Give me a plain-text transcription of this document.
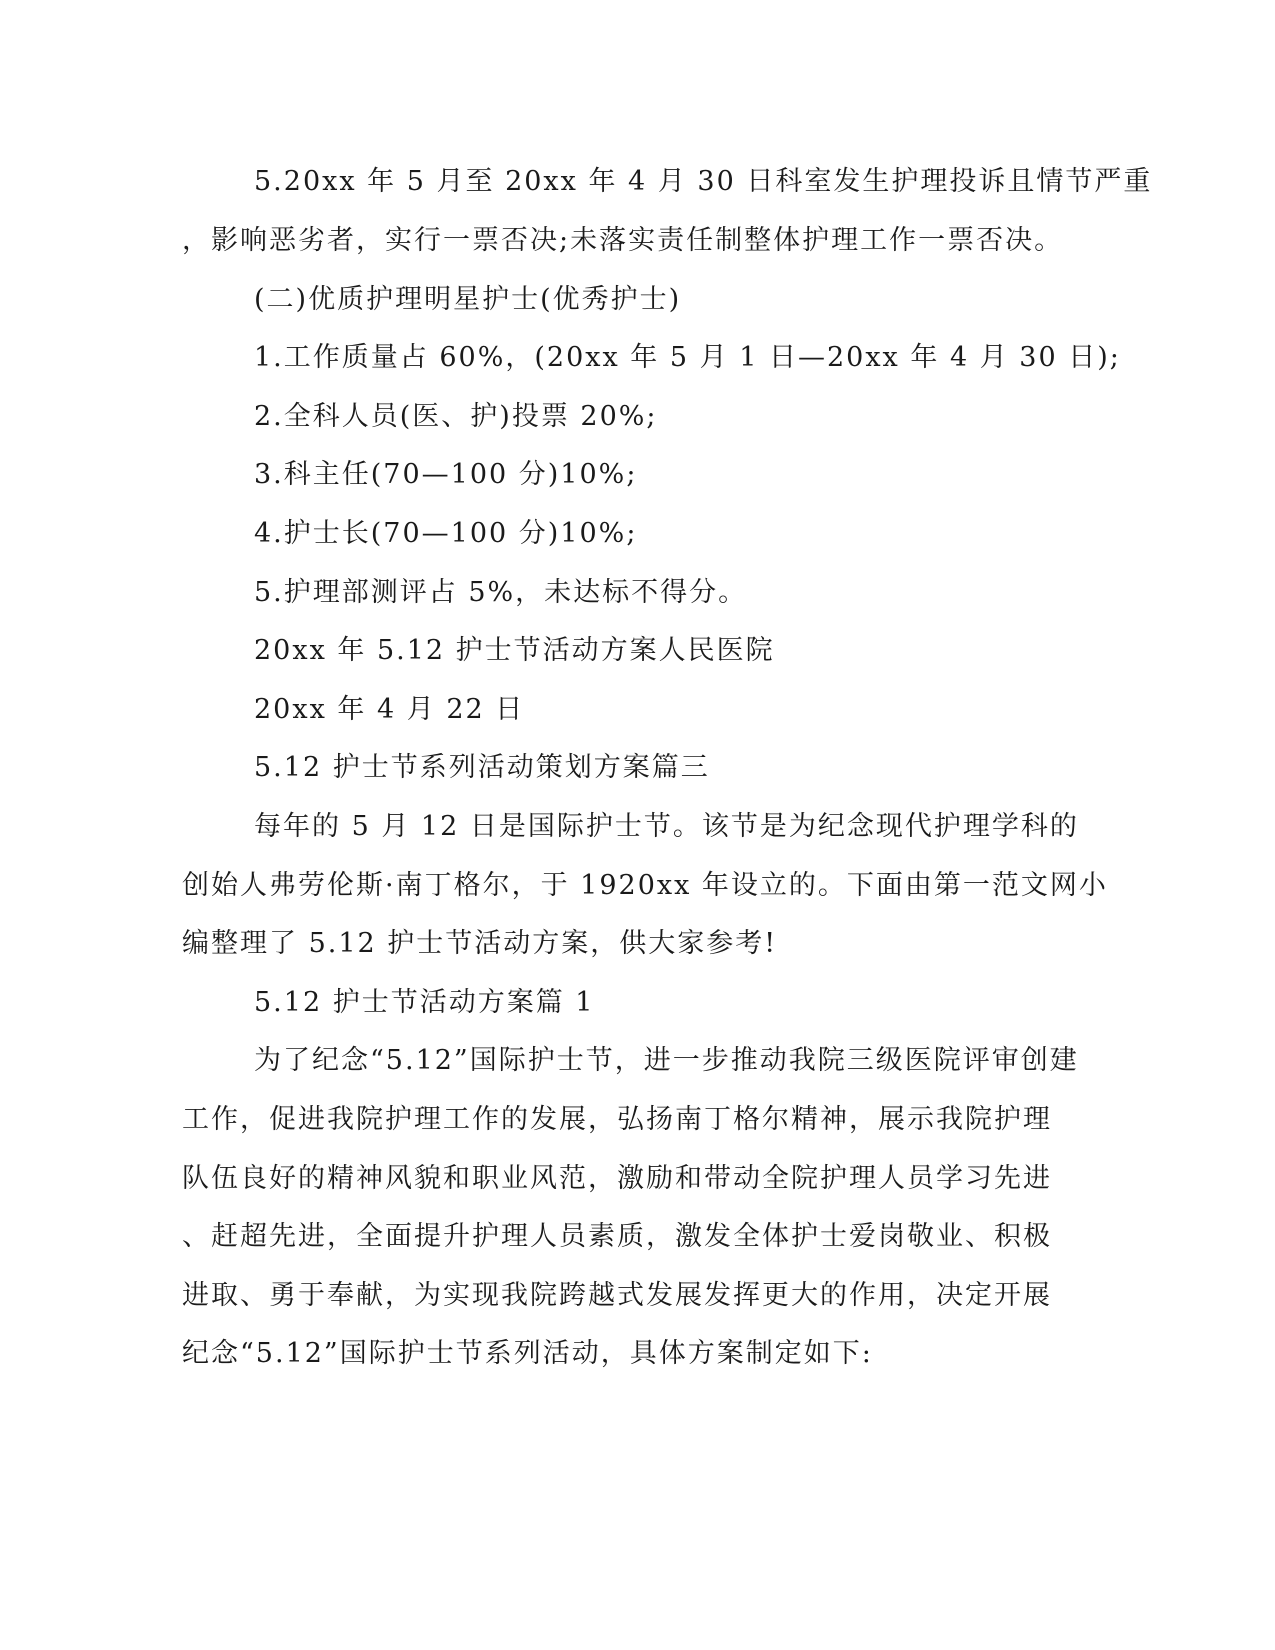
5.20xx 年 5 月至 20xx 年 4 月 30 日科室发生护理投诉且情节严重

，影响恶劣者，实行一票否决;未落实责任制整体护理工作一票否决。

(二)优质护理明星护士(优秀护士)

1.工作质量占 60%，(20xx 年 5 月 1 日—20xx 年 4 月 30 日);

2.全科人员(医、护)投票 20%;

3.科主任(70—100 分)10%;

4.护士长(70—100 分)10%;

5.护理部测评占 5%，未达标不得分。

20xx 年 5.12 护士节活动方案人民医院

20xx 年 4 月 22 日

5.12 护士节系列活动策划方案篇三

每年的 5 月 12 日是国际护士节。该节是为纪念现代护理学科的

创始人弗劳伦斯·南丁格尔，于 1920xx 年设立的。下面由第一范文网小

编整理了 5.12 护士节活动方案，供大家参考!

5.12 护士节活动方案篇 1

为了纪念“5.12”国际护士节，进一步推动我院三级医院评审创建

工作，促进我院护理工作的发展，弘扬南丁格尔精神，展示我院护理

队伍良好的精神风貌和职业风范，激励和带动全院护理人员学习先进

、赶超先进，全面提升护理人员素质，激发全体护士爱岗敬业、积极

进取、勇于奉献，为实现我院跨越式发展发挥更大的作用，决定开展

纪念“5.12”国际护士节系列活动，具体方案制定如下:
